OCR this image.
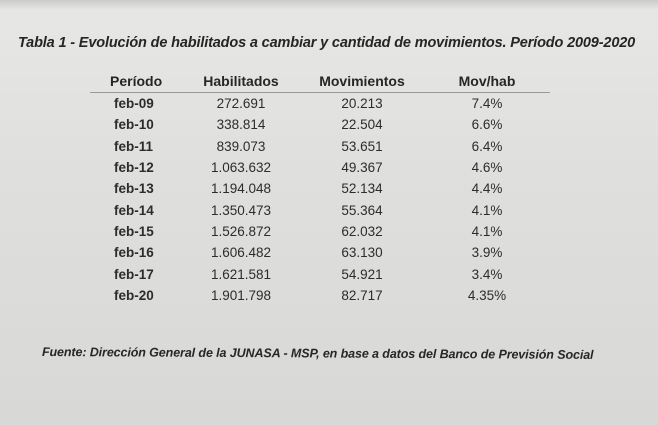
Tabla 1 - Evolución de habilitados a cambiar y cantidad de movimientos. Período 2009-2020
Período	Habilitados	Movimientos	Mov/hab
feb-09	272.691	20.213	7.4%
feb-10	338.814	22.504	6.6%
feb-11	839.073	53.651	6.4%
feb-12	1.063.632	49.367	4.6%
feb-13	1.194.048	52.134	4.4%
feb-14	1.350.473	55.364	4.1%
feb-15	1.526.872	62.032	4.1%
feb-16	1.606.482	63.130	3.9%
feb-17	1.621.581	54.921	3.4%
feb-20	1.901.798	82.717	4.35%
Fuente: Dirección General de la JUNASA - MSP, en base a datos del Banco de Previsión Social
